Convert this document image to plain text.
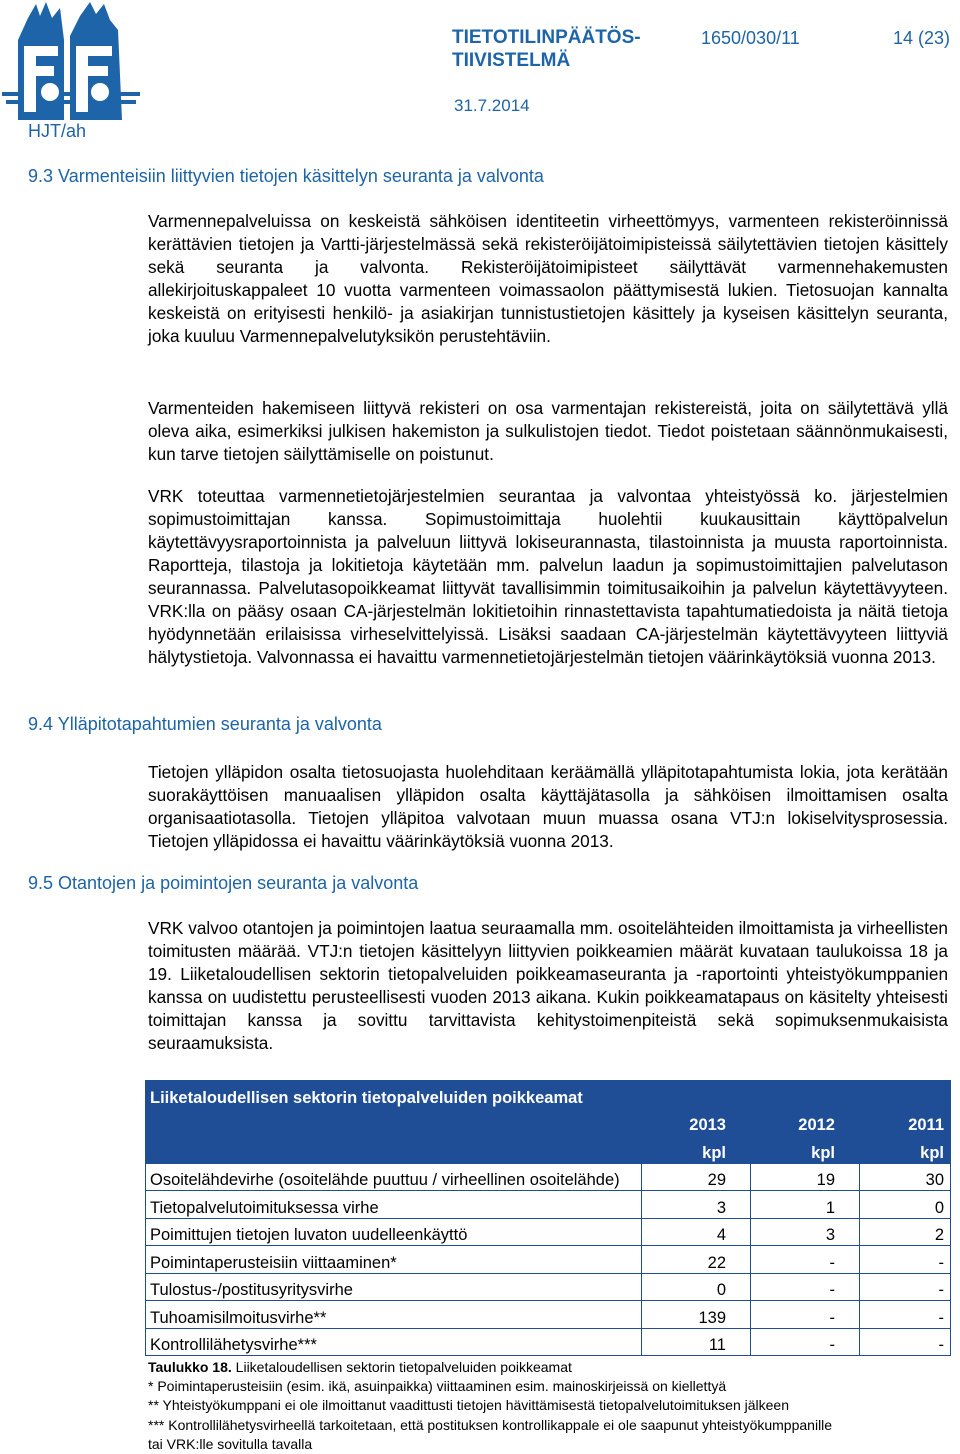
TIETOTILINPÄÄTÖS-TIIVISTELMÄ
1650/030/11	14 (23)
31.7.2014
HJT/ah
9.3 Varmenteisiin liittyvien tietojen käsittelyn seuranta ja valvonta

Varmennepalveluissa on keskeistä sähköisen identiteetin virheettömyys, varmenteen rekisteröinnissä kerättävien tietojen ja Vartti-järjestelmässä sekä rekisteröijätoimipisteissä säilytettävien tietojen käsittely sekä seuranta ja valvonta. Rekisteröijätoimipisteet säilyttävät varmennehakemusten allekirjoituskappaleet 10 vuotta varmenteen voimassaolon päättymisestä lukien. Tietosuojan kannalta keskeistä on erityisesti henkilö- ja asiakirjan tunnistustietojen käsittely ja kyseisen käsittelyn seuranta, joka kuuluu Varmennepalvelutyksikön perustehtäviin.

Varmenteiden hakemiseen liittyvä rekisteri on osa varmentajan rekistereistä, joita on säilytettävä yllä oleva aika, esimerkiksi julkisen hakemiston ja sulkulistojen tiedot. Tiedot poistetaan säännönmukaisesti, kun tarve tietojen säilyttämiselle on poistunut.

VRK toteuttaa varmennetietojärjestelmien seurantaa ja valvontaa yhteistyössä ko. järjestelmien sopimustoimittajan kanssa. Sopimustoimittaja huolehtii kuukausittain käyttöpalvelun käytettävyysraportoinnista ja palveluun liittyvä lokiseurannasta, tilastoinnista ja muusta raportoinnista. Raportteja, tilastoja ja lokitietoja käytetään mm. palvelun laadun ja sopimustoimittajien palvelutason seurannassa. Palvelutasopoikkeamat liittyvät tavallisimmin toimitusaikoihin ja palvelun käytettävyyteen. VRK:lla on pääsy osaan CA-järjestelmän lokitietoihin rinnastettavista tapahtumatiedoista ja näitä tietoja hyödynnetään erilaisissa virheselvittelyissä. Lisäksi saadaan CA-järjestelmän käytettävyyteen liittyviä hälytystietoja. Valvonnassa ei havaittu varmennetietojärjestelmän tietojen väärinkäytöksiä vuonna 2013.

9.4 Ylläpitotapahtumien seuranta ja valvonta

Tietojen ylläpidon osalta tietosuojasta huolehditaan keräämällä ylläpitotapahtumista lokia, jota kerätään suorakäyttöisen manuaalisen ylläpidon osalta käyttäjätasolla ja sähköisen ilmoittamisen osalta organisaatiotasolla. Tietojen ylläpitoa valvotaan muun muassa osana VTJ:n lokiselvitysprosessia. Tietojen ylläpidossa ei havaittu väärinkäytöksiä vuonna 2013.

9.5 Otantojen ja poimintojen seuranta ja valvonta

VRK valvoo otantojen ja poimintojen laatua seuraamalla mm. osoitelähteiden ilmoittamista ja virheellisten toimitusten määrää. VTJ:n tietojen käsittelyyn liittyvien poikkeamien määrät kuvataan taulukoissa 18 ja 19. Liiketaloudellisen sektorin tietopalveluiden poikkeamaseuranta ja -raportointi yhteistyökumppanien kanssa on uudistettu perusteellisesti vuoden 2013 aikana. Kukin poikkeamatapaus on käsitelty yhteisesti toimittajan kanssa ja sovittu tarvittavista kehitystoimenpiteistä sekä sopimuksenmukaisista seuraamuksista.

Liiketaloudellisen sektorin tietopalveluiden poikkeamat			
	2013	2012	2011
	kpl	kpl	kpl
Osoitelähdevirhe (osoitelähde puuttuu / virheellinen osoitelähde)	29	19	30
Tietopalvelutoimituksessa virhe	3	1	0
Poimittujen tietojen luvaton uudelleenkäyttö	4	3	2
Poimintaperusteisiin viittaaminen*	22	-	-
Tulostus-/postitusyritysvirhe	0	-	-
Tuhoamisilmoitusvirhe**	139	-	-
Kontrollilähetysvirhe***	11	-	-
Taulukko 18. Liiketaloudellisen sektorin tietopalveluiden poikkeamat
* Poimintaperusteisiin (esim. ikä, asuinpaikka) viittaaminen esim. mainoskirjeissä on kiellettyä
** Yhteistyökumppani ei ole ilmoittanut vaadittusti tietojen hävittämisestä tietopalvelutoimituksen jälkeen
*** Kontrollilähetysvirheellä tarkoitetaan, että postituksen kontrollikappale ei ole saapunut yhteistyökumppanille
tai VRK:lle sovitulla tavalla
